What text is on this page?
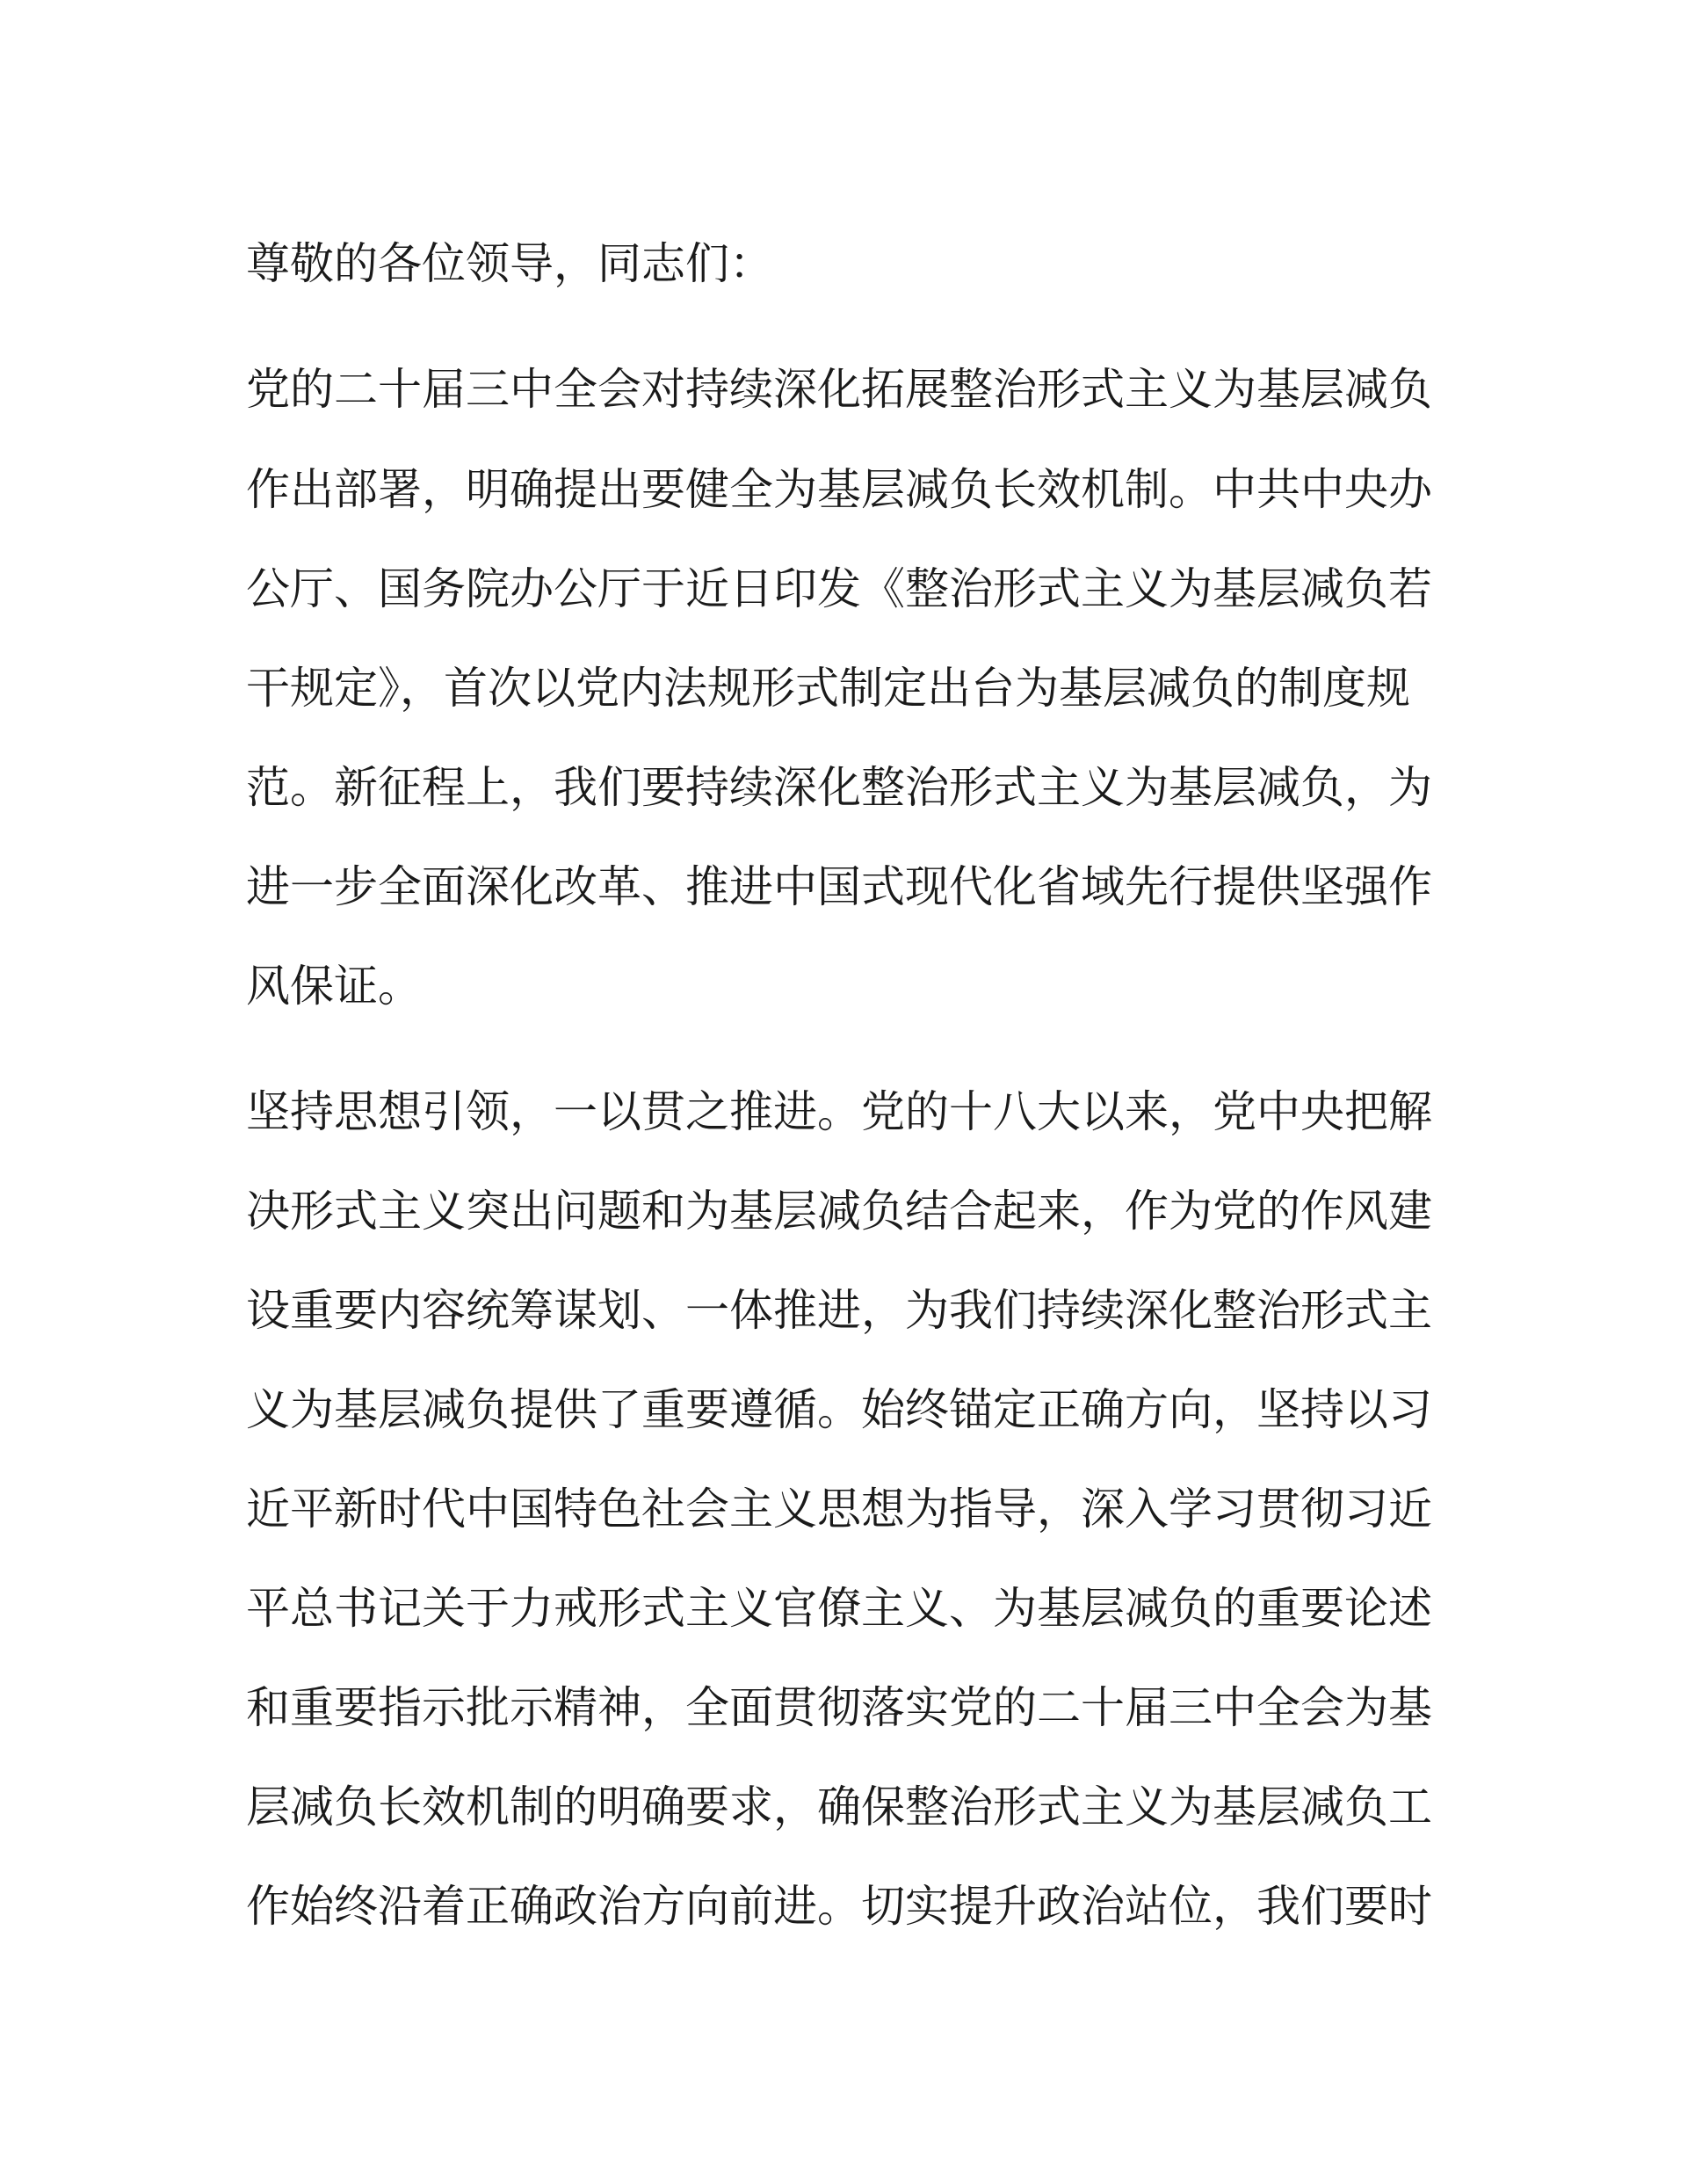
尊敬的各位领导，同志们：
党的二十届三中全会对持续深化拓展整治形式主义为基层减负
作出部署，明确提出要健全为基层减负长效机制。中共中央办
公厅、国务院办公厅于近日印发《整治形式主义为基层减负若
干规定》，首次以党内法规形式制定出台为基层减负的制度规
范。新征程上，我们要持续深化整治形式主义为基层减负，为
进一步全面深化改革、推进中国式现代化省域先行提供坚强作
风保证。
坚持思想引领，一以贯之推进。党的十八大以来，党中央把解
决形式主义突出问题和为基层减负结合起来，作为党的作风建
设重要内容统筹谋划、一体推进，为我们持续深化整治形式主
义为基层减负提供了重要遵循。始终锚定正确方向，坚持以习
近平新时代中国特色社会主义思想为指导，深入学习贯彻习近
平总书记关于力戒形式主义官僚主义、为基层减负的重要论述
和重要指示批示精神，全面贯彻落实党的二十届三中全会为基
层减负长效机制的明确要求，确保整治形式主义为基层减负工
作始终沿着正确政治方向前进。切实提升政治站位，我们要时
